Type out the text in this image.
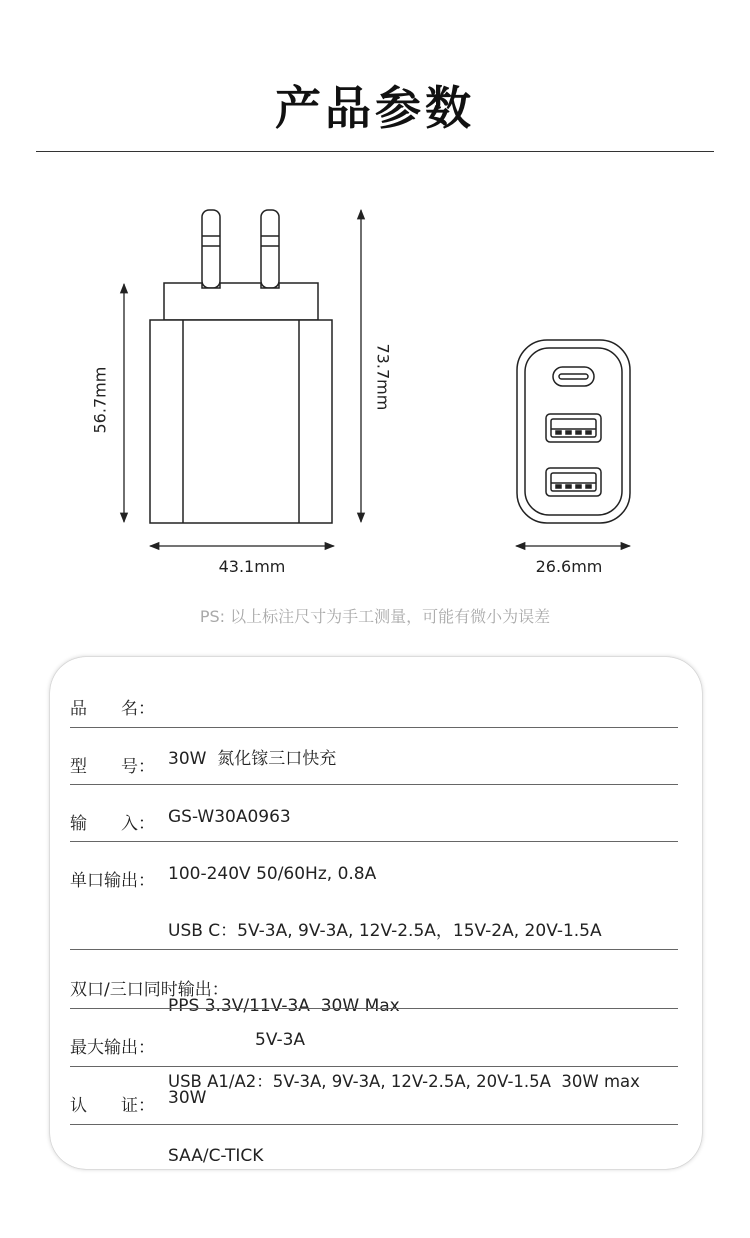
产品参数
56.7mm	73.7mm
43.1mm	26.6mm
PS: 以上标注尺寸为手工测量，可能有微小为误差
品　　名：

30W  氮化镓三口快充

型　　号：

GS-W30A0963

输　　入：

100-240V 50/60Hz, 0.8A

单口输出：

USB C：5V-3A, 9V-3A, 12V-2.5A，15V-2A, 20V-1.5A

PPS 3.3V/11V-3A  30W Max

USB A1/A2：5V-3A, 9V-3A, 12V-2.5A, 20V-1.5A  30W max

双口/三口同时输出：

5V-3A

最大输出：

30W

认　　证：

SAA/C-TICK
